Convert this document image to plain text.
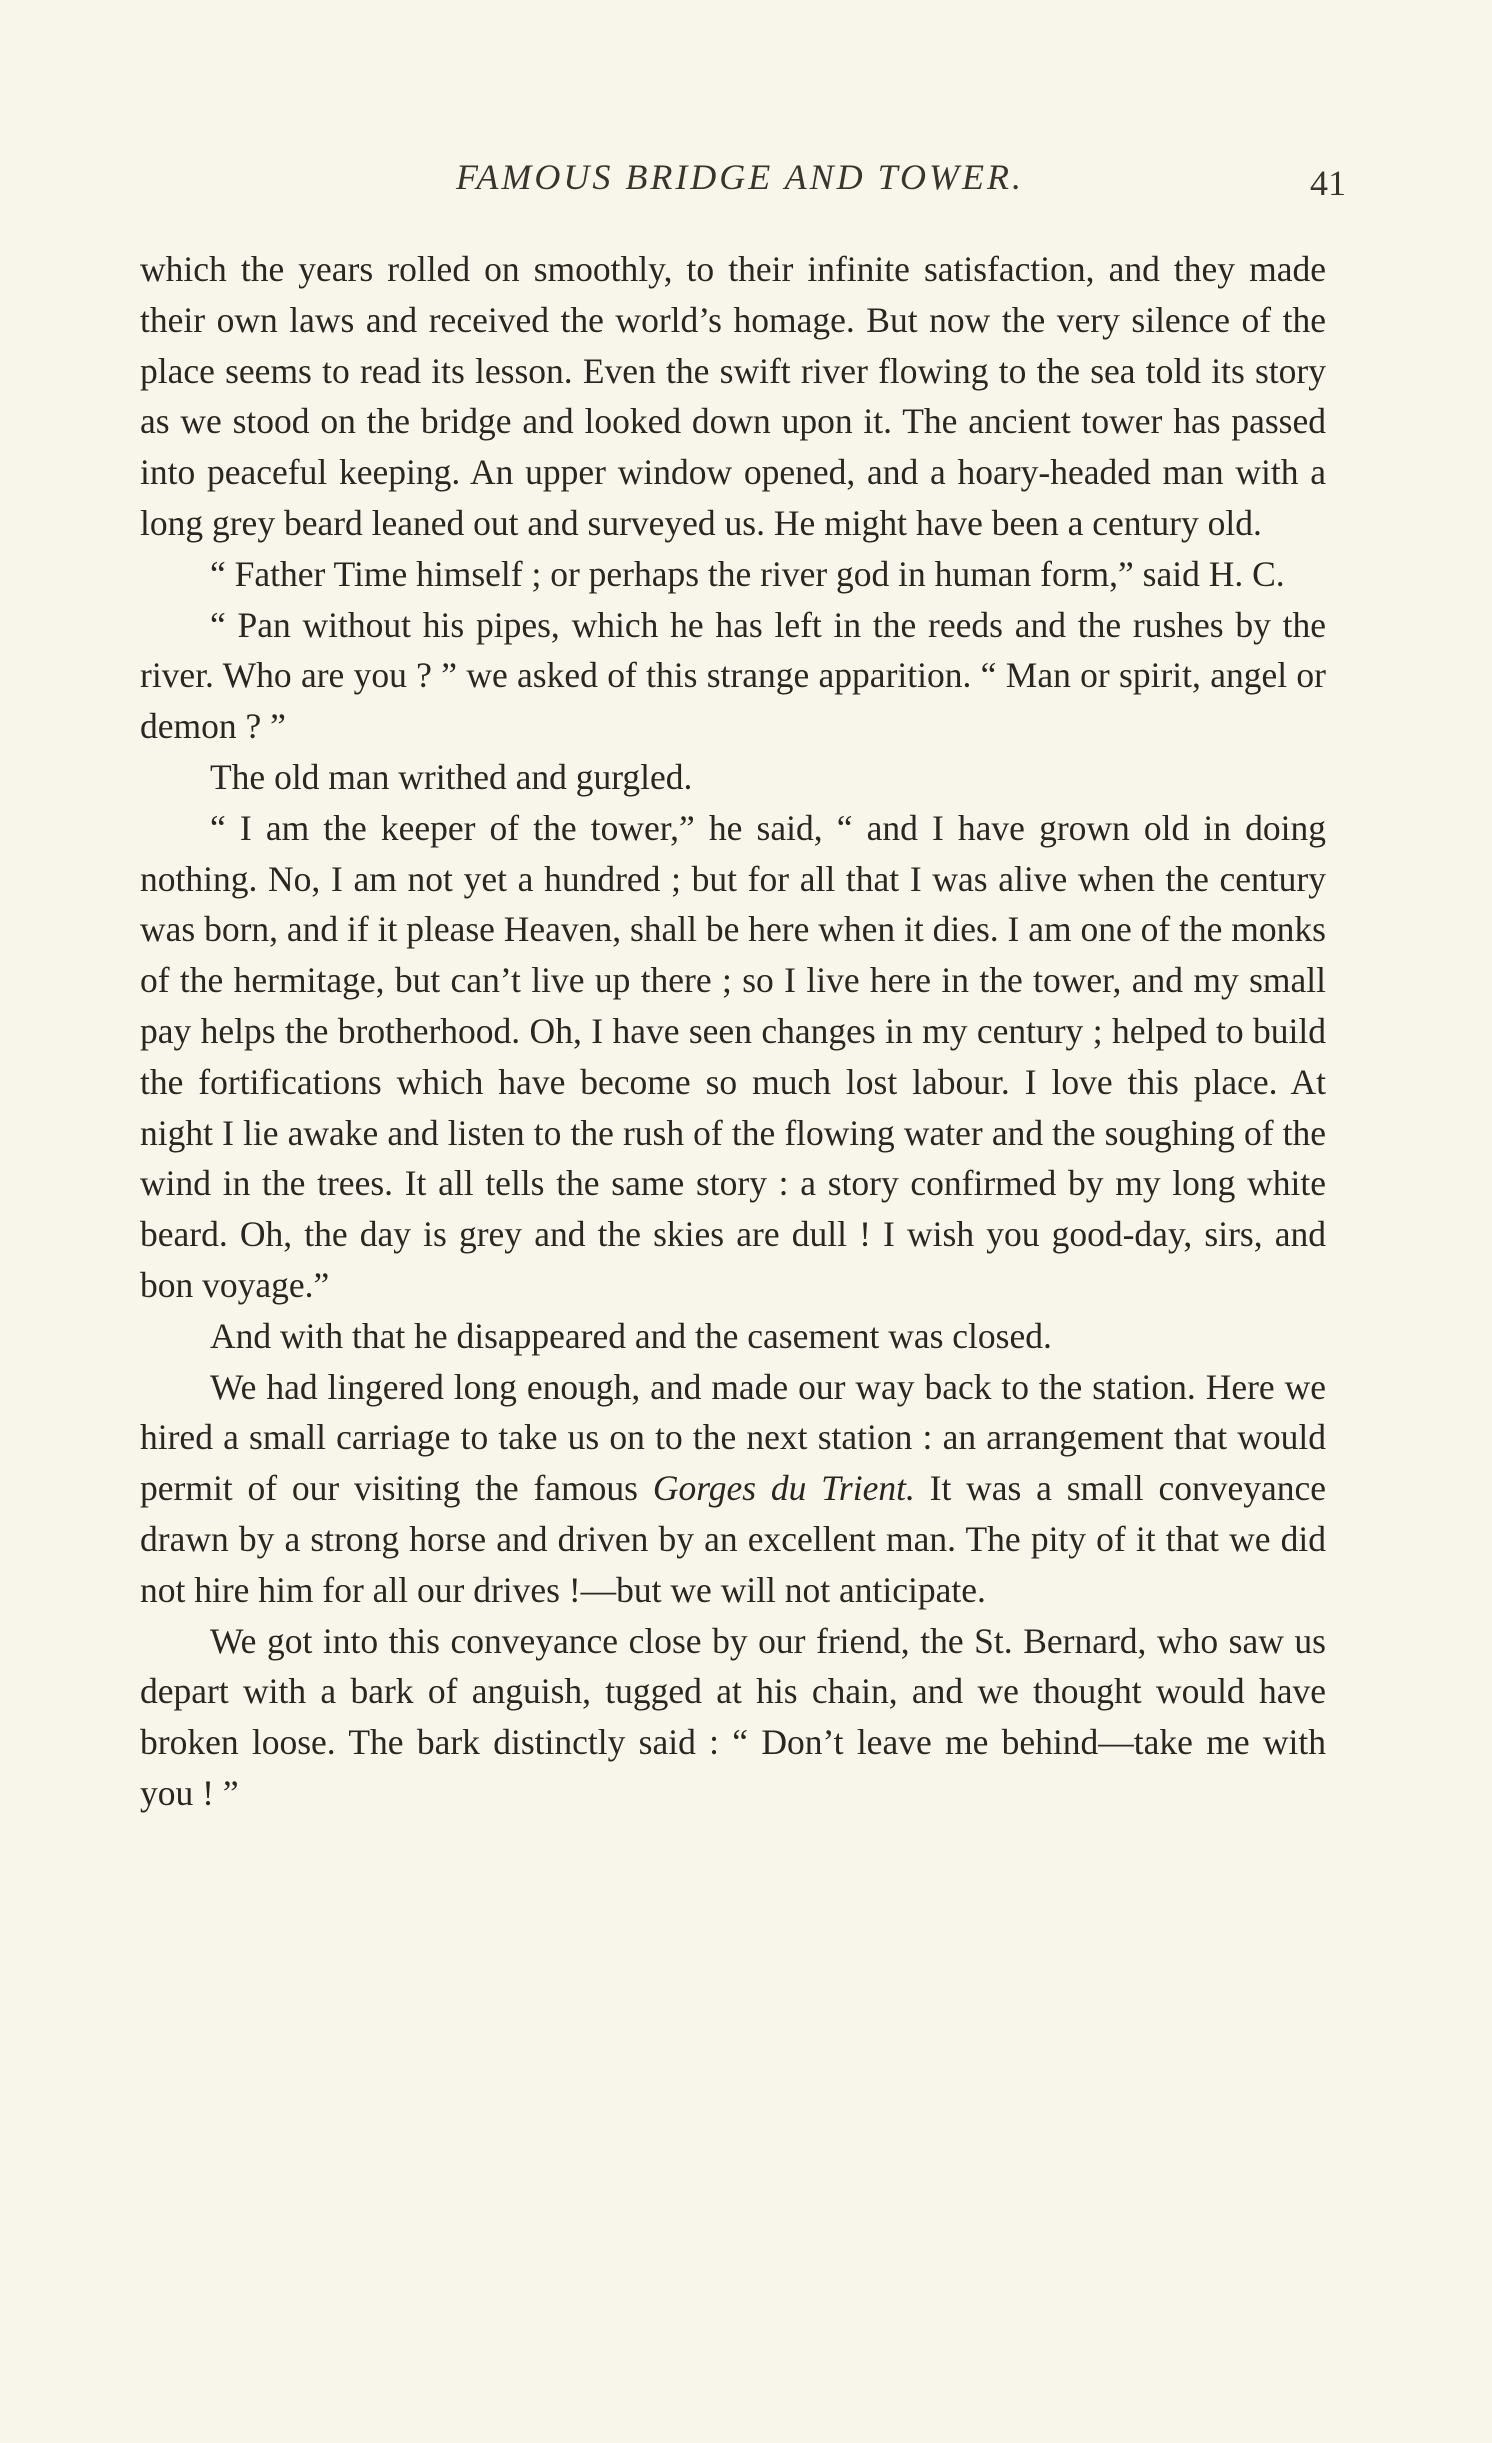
FAMOUS BRIDGE AND TOWER.	41

which the years rolled on smoothly, to their infinite satisfaction, and they made their own laws and received the world’s homage. But now the very silence of the place seems to read its lesson. Even the swift river flowing to the sea told its story as we stood on the bridge and looked down upon it. The ancient tower has passed into peaceful keeping. An upper window opened, and a hoary-headed man with a long grey beard leaned out and surveyed us. He might have been a century old.

“ Father Time himself ; or perhaps the river god in human form,” said H. C.

“ Pan without his pipes, which he has left in the reeds and the rushes by the river. Who are you ? ” we asked of this strange apparition. “ Man or spirit, angel or demon ? ”

The old man writhed and gurgled.

“ I am the keeper of the tower,” he said, “ and I have grown old in doing nothing. No, I am not yet a hundred ; but for all that I was alive when the century was born, and if it please Heaven, shall be here when it dies. I am one of the monks of the hermitage, but can’t live up there ; so I live here in the tower, and my small pay helps the brotherhood. Oh, I have seen changes in my century ; helped to build the fortifications which have become so much lost labour. I love this place. At night I lie awake and listen to the rush of the flowing water and the soughing of the wind in the trees. It all tells the same story : a story confirmed by my long white beard. Oh, the day is grey and the skies are dull ! I wish you good-day, sirs, and bon voyage.”

And with that he disappeared and the casement was closed.

We had lingered long enough, and made our way back to the station. Here we hired a small carriage to take us on to the next station : an arrangement that would permit of our visiting the famous Gorges du Trient. It was a small conveyance drawn by a strong horse and driven by an excellent man. The pity of it that we did not hire him for all our drives !—but we will not anticipate.

We got into this conveyance close by our friend, the St. Bernard, who saw us depart with a bark of anguish, tugged at his chain, and we thought would have broken loose. The bark distinctly said : “ Don’t leave me behind—take me with you ! ”
